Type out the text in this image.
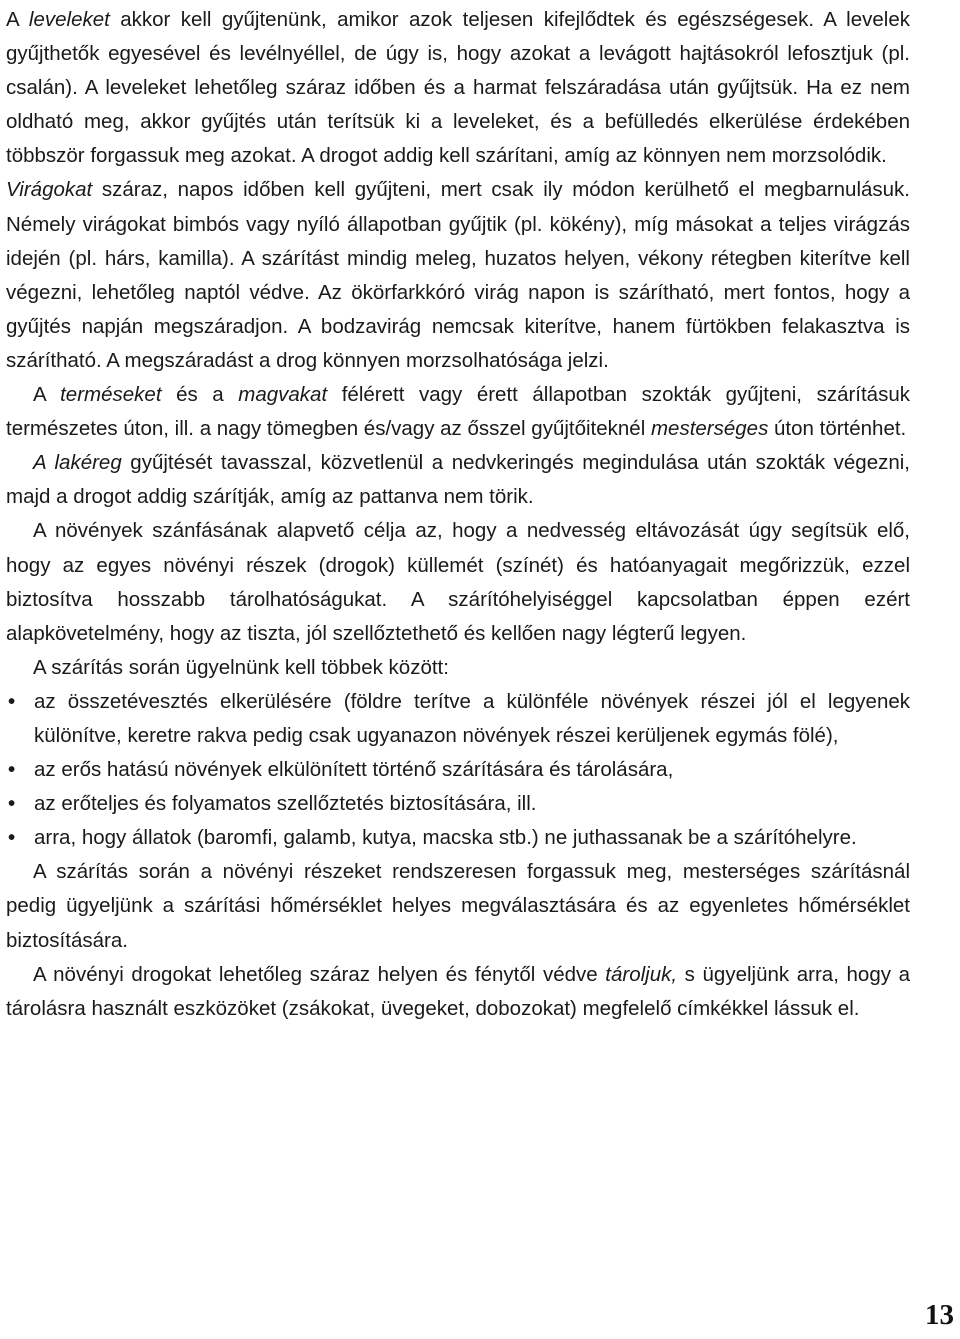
A leveleket akkor kell gyűjtenünk, amikor azok teljesen kifejlődtek és egészségesek. A levelek gyűjthetők egyesével és levélnyéllel, de úgy is, hogy azokat a levágott hajtásokról lefosztjuk (pl. csalán). A leveleket lehetőleg száraz időben és a harmat felszáradása után gyűjtsük. Ha ez nem oldható meg, akkor gyűjtés után terítsük ki a leveleket, és a befülledés elkerülése érdekében többször forgassuk meg azokat. A drogot addig kell szárítani, amíg az könnyen nem morzsolódik.

Virágokat száraz, napos időben kell gyűjteni, mert csak ily módon kerülhető el megbarnulásuk. Némely virágokat bimbós vagy nyíló állapotban gyűjtik (pl. kökény), míg másokat a teljes virágzás idején (pl. hárs, kamilla). A szárítást mindig meleg, huzatos helyen, vékony rétegben kiterítve kell végezni, lehetőleg naptól védve. Az ökörfarkkóró virág napon is szárítható, mert fontos, hogy a gyűjtés napján megszáradjon. A bodzavirág nemcsak kiterítve, hanem fürtökben felakasztva is szárítható. A megszáradást a drog könnyen morzsolhatósága jelzi.

A terméseket és a magvakat félérett vagy érett állapotban szokták gyűjteni, szárításuk természetes úton, ill. a nagy tömegben és/vagy az ősszel gyűjtőiteknél mesterséges úton történhet.

A lakéreg gyűjtését tavasszal, közvetlenül a nedvkeringés megindulása után szokták végezni, majd a drogot addig szárítják, amíg az pattanva nem törik.

A növények szánfásának alapvető célja az, hogy a nedvesség eltávozását úgy segítsük elő, hogy az egyes növényi részek (drogok) küllemét (színét) és hatóanyagait megőrizzük, ezzel biztosítva hosszabb tárolhatóságukat. A szárítóhelyiséggel kapcsolatban éppen ezért alapkövetelmény, hogy az tiszta, jól szellőztethető és kellően nagy légterű legyen.

A szárítás során ügyelnünk kell többek között:

• az összetévesztés elkerülésére (földre terítve a különféle növények részei jól el legyenek különítve, keretre rakva pedig csak ugyanazon növények részei kerüljenek egymás fölé),
• az erős hatású növények elkülönített történő szárítására és tárolására,
• az erőteljes és folyamatos szellőztetés biztosítására, ill.
• arra, hogy állatok (baromfi, galamb, kutya, macska stb.) ne juthassanak be a szárítóhelyre.

A szárítás során a növényi részeket rendszeresen forgassuk meg, mesterséges szárításnál pedig ügyeljünk a szárítási hőmérséklet helyes megválasztására és az egyenletes hőmérséklet biztosítására.

A növényi drogokat lehetőleg száraz helyen és fénytől védve tároljuk, s ügyeljünk arra, hogy a tárolásra használt eszközöket (zsákokat, üvegeket, dobozokat) megfelelő címkékkel lássuk el.

13
